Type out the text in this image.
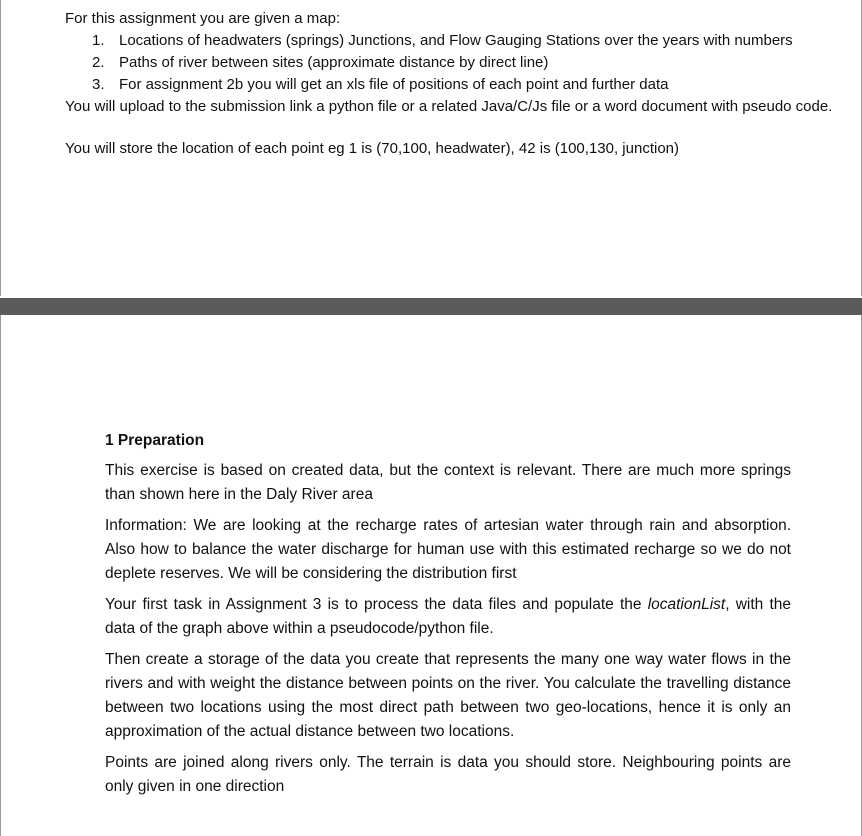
For this assignment you are given a map:

1. Locations of headwaters (springs) Junctions, and Flow Gauging Stations over the years with numbers
2. Paths of river between sites (approximate distance by direct line)
3. For assignment 2b you will get an xls file of positions of each point and further data

You will upload to the submission link a python file or a related Java/C/Js file or a word document with pseudo code.

You will store the location of each point eg 1 is (70,100, headwater), 42 is (100,130, junction)

1 Preparation

This exercise is based on created data, but the context is relevant. There are much more springs than shown here in the Daly River area

Information: We are looking at the recharge rates of artesian water through rain and absorption. Also how to balance the water discharge for human use with this estimated recharge so we do not deplete reserves. We will be considering the distribution first

Your first task in Assignment 3 is to process the data files and populate the locationList, with the data of the graph above within a pseudocode/python file.

Then create a storage of the data you create that represents the many one way water flows in the rivers and with weight the distance between points on the river. You calculate the travelling distance between two locations using the most direct path between two geo-locations, hence it is only an approximation of the actual distance between two locations.

Points are joined along rivers only. The terrain is data you should store. Neighbouring points are only given in one direction
